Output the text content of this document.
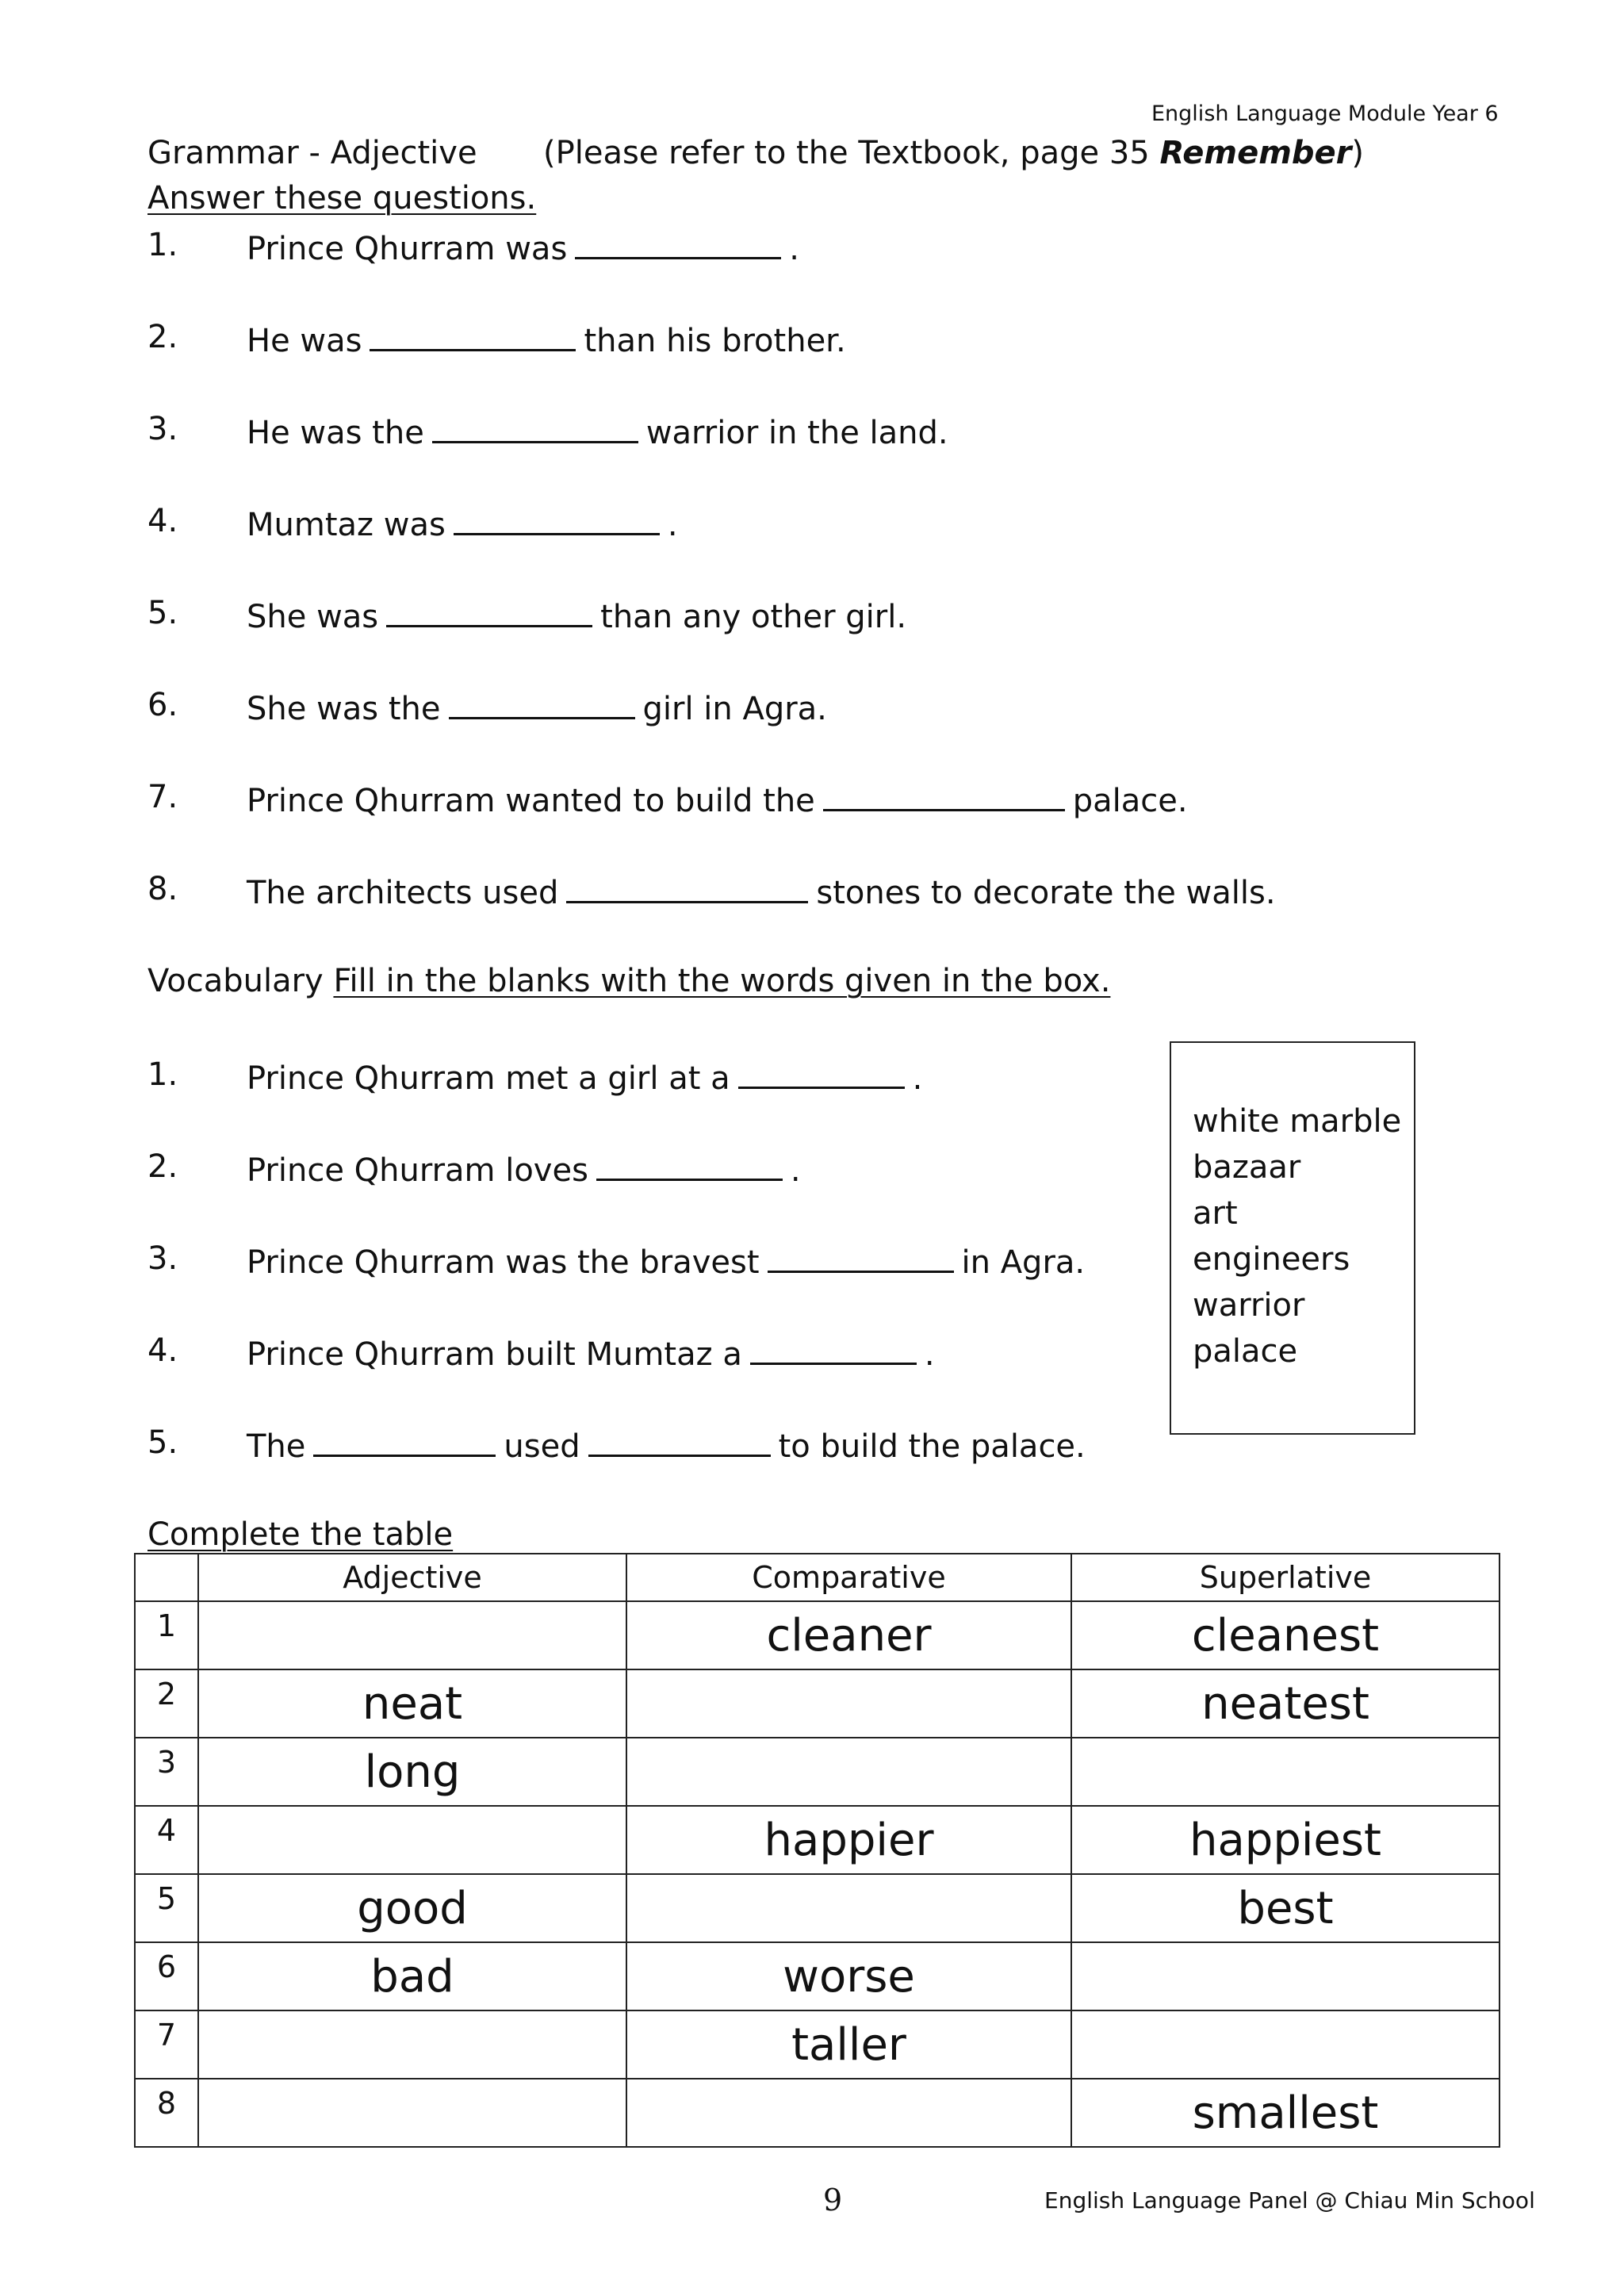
English Language Module Year 6
Grammar - Adjective (Please refer to the Textbook, page 35 Remember)
Answer these questions.
1. Prince Qhurram was	.
2. He was	than his brother.
3. He was the	warrior in the land.
4. Mumtaz was	.
5. She was	than any other girl.
6. She was the	girl in Agra.
7. Prince Qhurram wanted to build the	palace.
8. The architects used	stones to decorate the walls.
Vocabulary Fill in the blanks with the words given in the box.
1. Prince Qhurram met a girl at a	.
2. Prince Qhurram loves	.
3. Prince Qhurram was the bravest	in Agra.
4. Prince Qhurram built Mumtaz a	.
5. The	used	to build the palace.
white marble
bazaar
art
engineers
warrior
palace
Complete the table
	Adjective	Comparative	Superlative
1		cleaner	cleanest
2	neat		neatest
3	long		
4		happier	happiest
5	good		best
6	bad	worse	
7		taller	
8			smallest
9	English Language Panel @ Chiau Min School
